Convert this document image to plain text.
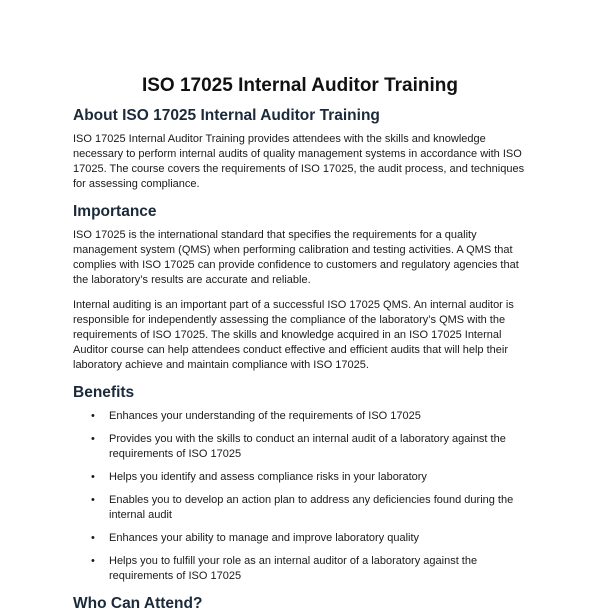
ISO 17025 Internal Auditor Training
About ISO 17025 Internal Auditor Training

ISO 17025 Internal Auditor Training provides attendees with the skills and knowledge necessary to perform internal audits of quality management systems in accordance with ISO 17025. The course covers the requirements of ISO 17025, the audit process, and techniques for assessing compliance.

Importance

ISO 17025 is the international standard that specifies the requirements for a quality management system (QMS) when performing calibration and testing activities. A QMS that complies with ISO 17025 can provide confidence to customers and regulatory agencies that the laboratory’s results are accurate and reliable.

Internal auditing is an important part of a successful ISO 17025 QMS. An internal auditor is responsible for independently assessing the compliance of the laboratory’s QMS with the requirements of ISO 17025. The skills and knowledge acquired in an ISO 17025 Internal Auditor course can help attendees conduct effective and efficient audits that will help their laboratory achieve and maintain compliance with ISO 17025.

Benefits
• Enhances your understanding of the requirements of ISO 17025
• Provides you with the skills to conduct an internal audit of a laboratory against the requirements of ISO 17025
• Helps you identify and assess compliance risks in your laboratory
• Enables you to develop an action plan to address any deficiencies found during the internal audit
• Enhances your ability to manage and improve laboratory quality
• Helps you to fulfill your role as an internal auditor of a laboratory against the requirements of ISO 17025
Who Can Attend?
